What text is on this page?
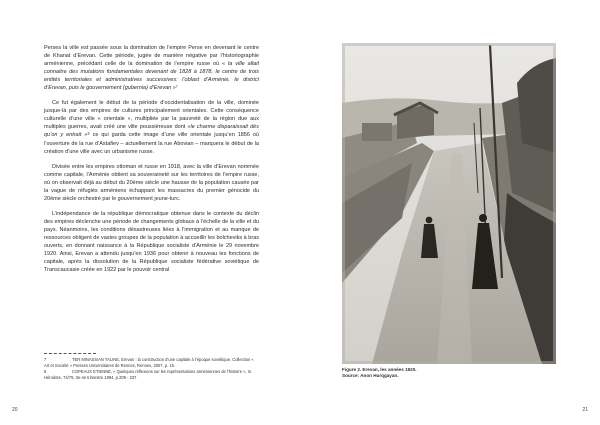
Perses la ville est passée sous la domination de l’empire Perse en devenant le centre de Khanat d’Erevan. Cette période, jugée de manière négative par l’historiographie arménienne, précédant celle de la domination de l’empire russe où « la ville allait connaitre des mutations fondamentales devenant de 1828 à 1878, le centre de trois entités territoriales et administratives successives: l’oblast d’Arménie, le district d’Erevan, puis le gouvernement (gubernia) d’Erevan »⁷

Ce fut également le début de la période d’occidentalisation de la ville, dominée jusque-là par des empires de cultures principalement orientales. Cette conséquence culturelle d’une ville « orientale », multipliée par la pauvreté de la région due aux multiples guerres, avait créé une ville poussiéreuse dont «le charme disparaissait dès qu’on y entrait »⁸ ce qui garda cette image d’une ville orientale jusqu’en 1856 où l’ouverture de la rue d’Astafiev – actuellement la rue Abovian – marquera le début de la création d’une ville avec un urbanisme russe.

Divisée entre les empires ottoman et russe en 1918, avec la ville d’Erevan nommée comme capitale, l’Arménie obtient sa souveraineté sur les territoires de l’empire russe, où on observait déjà au début du 20ème siècle une hausse de la population causée par la vague de réfugiés arméniens échappant les massacres du premier génocide du 20ème siècle orchestré par le gouvernement jeune-turc.

L’indépendance de la république démocratique obtenue dans le contexte du déclin des empires déclenche une période de changements globaux à l’échelle de la ville et du pays. Néanmoins, les conditions désastreuses liées à l’immigration et au manque de ressources obligent de vastes groupes de la population à accueillir les bolcheviks à bras ouverts, en donnant naissance à la République socialiste d’Arménie le 29 novembre 1920. Ainsi, Erevan a attendu jusqu’en 1936 pour obtenir à nouveau les fonctions de capitale, après la dissolution de la République socialiste fédérative soviétique de Transcaucasie créée en 1922 par le pouvoir central

7	TER MINASSIAN TALINE, Erevan : la construction d’une capitale à l’époque soviétique, Collection « Art et Société » Presses Universitaires de Rennes, Rennes, 2007, p. 15.
8	COPEAUX ETIENNE, « Quelques réflexions sur les représentations arméniennes de l’histoire », In Hérodote, 74/75, 3e-4e trimestre 1994, p.209 - 237
20
Figure 2. Erevan, les années 1920.
Source: Anon Hurqgayan.
21
